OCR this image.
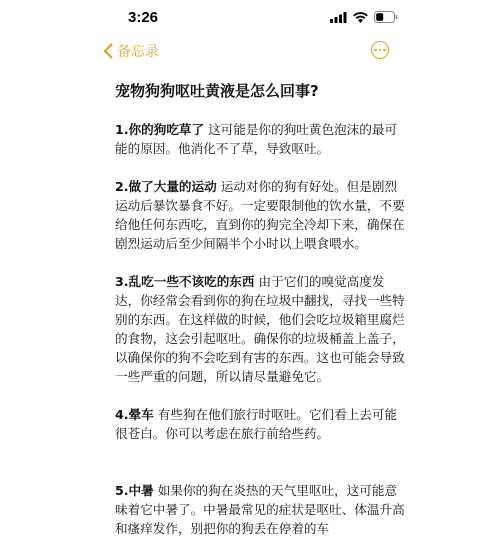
3:26
备忘录
宠物狗狗呕吐黄液是怎么回事?

1.你的狗吃草了 这可能是你的狗吐黄色泡沫的最可能的原因。他消化不了草，导致呕吐。

2.做了大量的运动 运动对你的狗有好处。但是剧烈运动后暴饮暴食不好。一定要限制他的饮水量，不要给他任何东西吃，直到你的狗完全冷却下来，确保在剧烈运动后至少间隔半个小时以上喂食喂水。

3.乱吃一些不该吃的东西 由于它们的嗅觉高度发达，你经常会看到你的狗在垃圾中翻找，寻找一些特别的东西。在这样做的时候，他们会吃垃圾箱里腐烂的食物，这会引起呕吐。确保你的垃圾桶盖上盖子，以确保你的狗不会吃到有害的东西。这也可能会导致一些严重的问题，所以请尽量避免它。

4.晕车 有些狗在他们旅行时呕吐。它们看上去可能很苍白。你可以考虑在旅行前给些药。

5.中暑 如果你的狗在炎热的天气里呕吐，这可能意味着它中暑了。中暑最常见的症状是呕吐、体温升高和瘙痒发作，别把你的狗丢在停着的车
